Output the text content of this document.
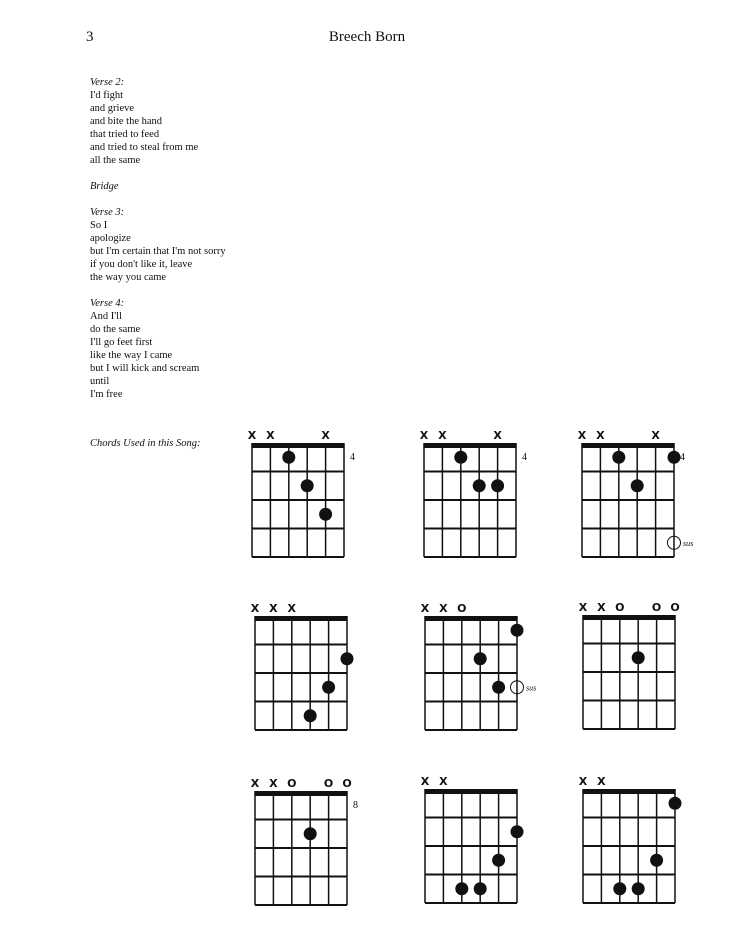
3	Breech Born
Verse 2:
I'd fight
and grieve
and bite the hand
that tried to feed
and tried to steal from me
all the same
Bridge
Verse 3:
So I
apologize
but I'm certain that I'm not sorry
if you don't like it, leave
the way you came
Verse 4:
And I'll
do the same
I'll go feet first
like the way I came
but I will kick and scream
until
I'm free
Chords Used in this Song:
X X	X
4
X X	X
4
X X	X
4
sus
X X X	X X O
sus
X X O O O
X X O O O
8
X X	X X
